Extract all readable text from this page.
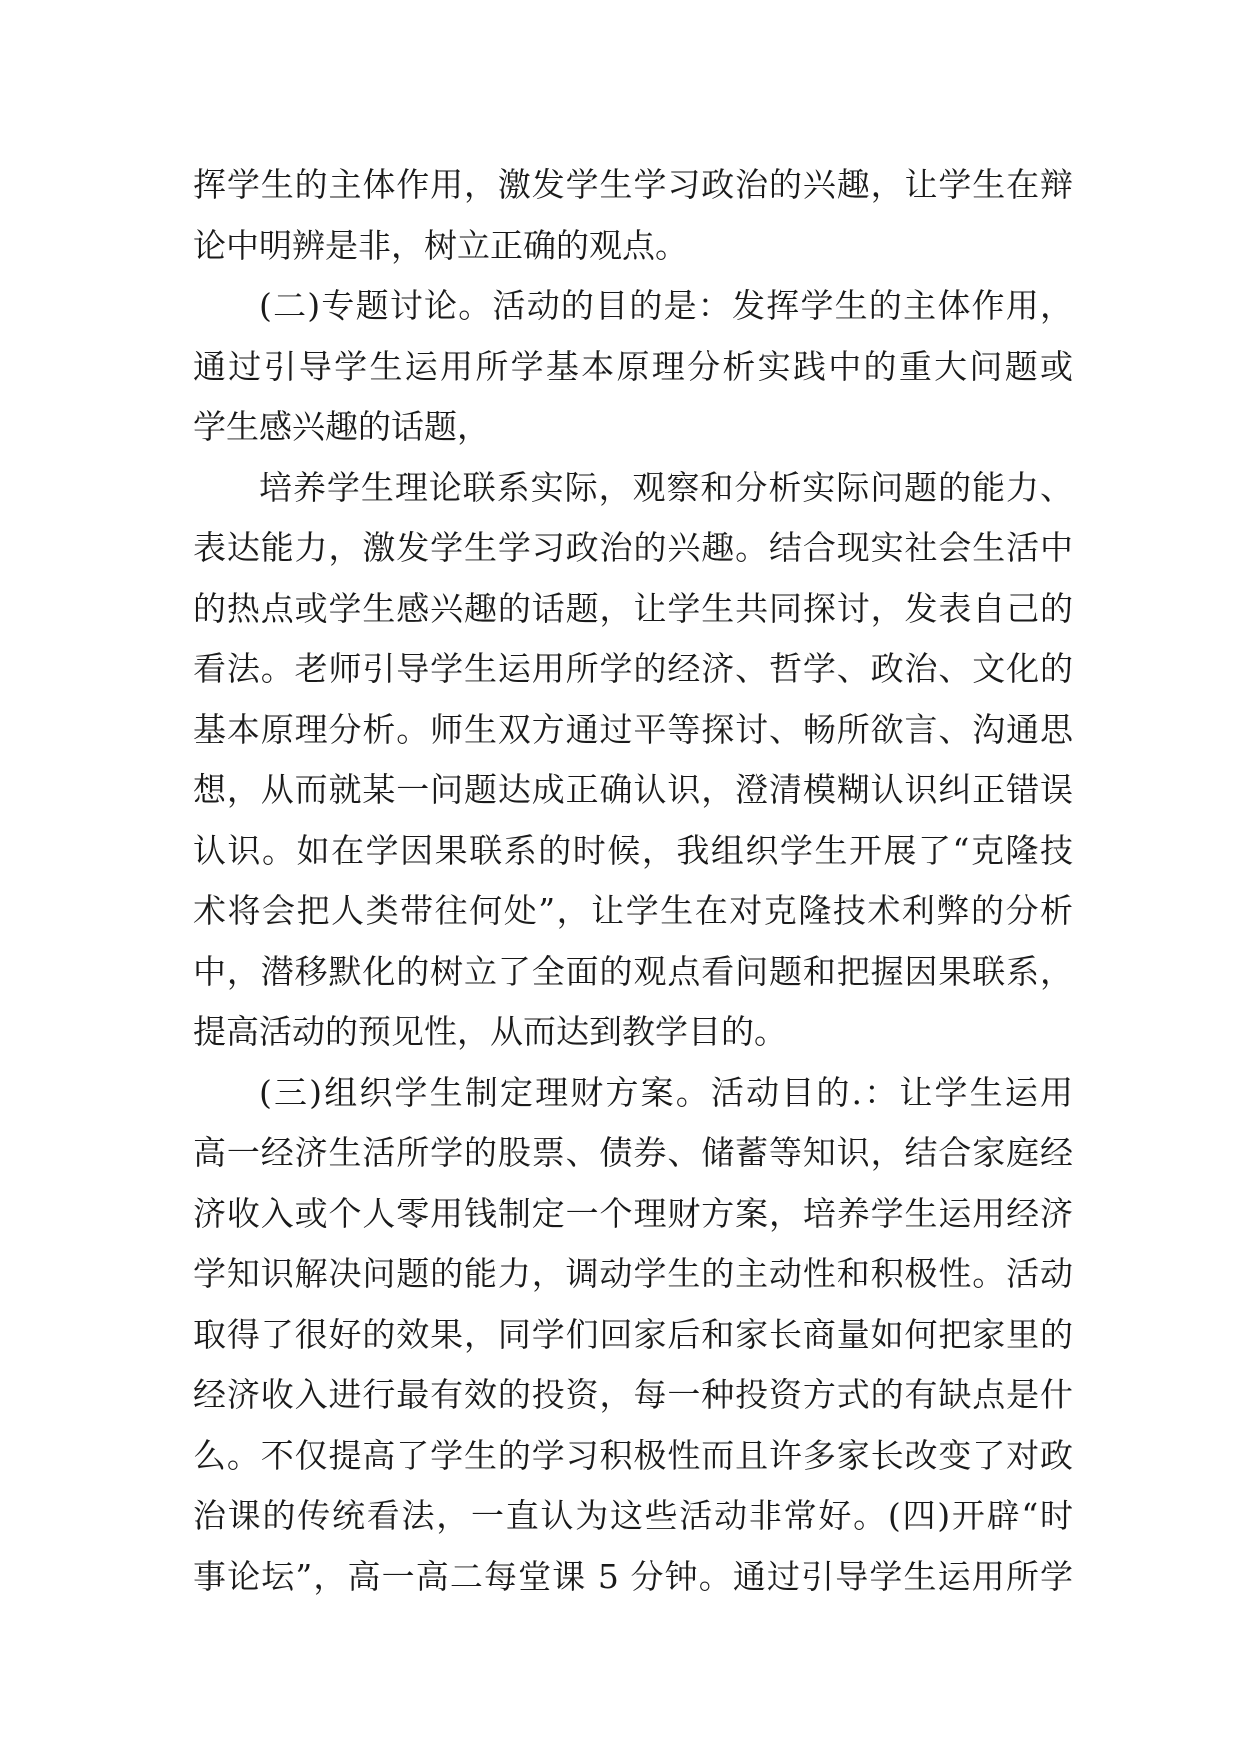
挥学生的主体作用，激发学生学习政治的兴趣，让学生在辩
论中明辨是非，树立正确的观点。
(二)专题讨论。活动的目的是：发挥学生的主体作用，
通过引导学生运用所学基本原理分析实践中的重大问题或
学生感兴趣的话题，
培养学生理论联系实际，观察和分析实际问题的能力、
表达能力，激发学生学习政治的兴趣。结合现实社会生活中
的热点或学生感兴趣的话题，让学生共同探讨，发表自己的
看法。老师引导学生运用所学的经济、哲学、政治、文化的
基本原理分析。师生双方通过平等探讨、畅所欲言、沟通思
想，从而就某一问题达成正确认识，澄清模糊认识纠正错误
认识。如在学因果联系的时候，我组织学生开展了“克隆技
术将会把人类带往何处”，让学生在对克隆技术利弊的分析
中，潜移默化的树立了全面的观点看问题和把握因果联系，
提高活动的预见性，从而达到教学目的。
(三)组织学生制定理财方案。活动目的.：让学生运用
高一经济生活所学的股票、债券、储蓄等知识，结合家庭经
济收入或个人零用钱制定一个理财方案，培养学生运用经济
学知识解决问题的能力，调动学生的主动性和积极性。活动
取得了很好的效果，同学们回家后和家长商量如何把家里的
经济收入进行最有效的投资，每一种投资方式的有缺点是什
么。不仅提高了学生的学习积极性而且许多家长改变了对政
治课的传统看法，一直认为这些活动非常好。(四)开辟“时
事论坛”，高一高二每堂课 5 分钟。通过引导学生运用所学
